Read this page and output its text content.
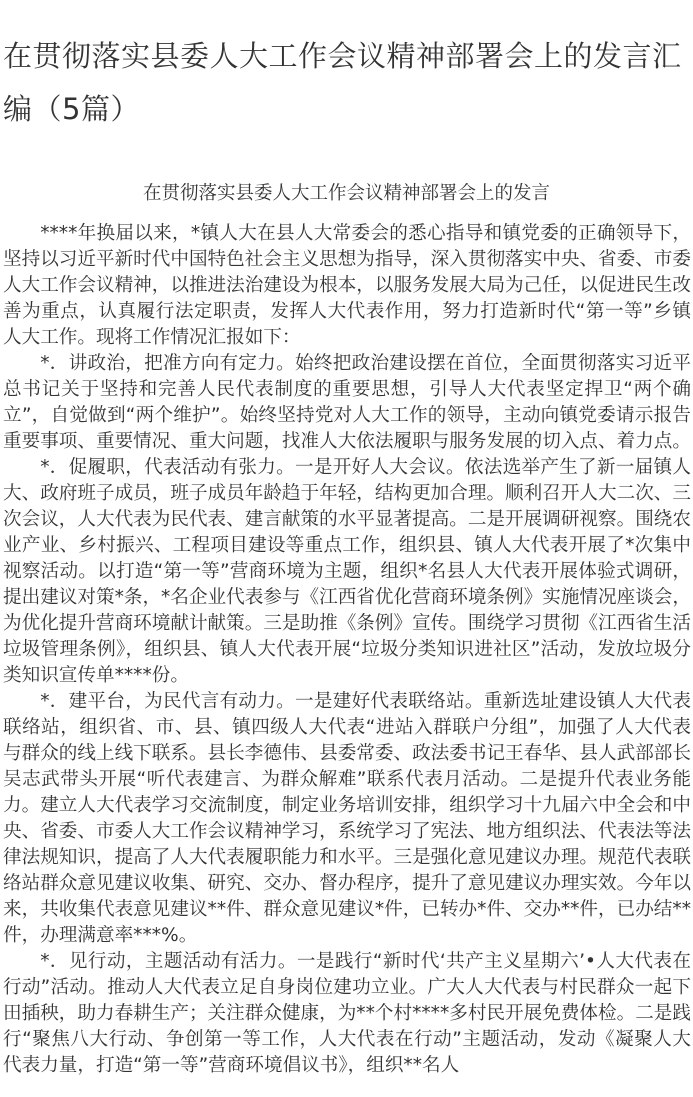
在贯彻落实县委人大工作会议精神部署会上的发言汇编（5篇）
在贯彻落实县委人大工作会议精神部署会上的发言

****年换届以来，*镇人大在县人大常委会的悉心指导和镇党委的正确领导下，坚持以习近平新时代中国特色社会主义思想为指导，深入贯彻落实中央、省委、市委人大工作会议精神，以推进法治建设为根本，以服务发展大局为己任，以促进民生改善为重点，认真履行法定职责，发挥人大代表作用，努力打造新时代“第一等”乡镇人大工作。现将工作情况汇报如下：

*．讲政治，把准方向有定力。始终把政治建设摆在首位，全面贯彻落实习近平总书记关于坚持和完善人民代表制度的重要思想，引导人大代表坚定捍卫“两个确立”，自觉做到“两个维护”。始终坚持党对人大工作的领导，主动向镇党委请示报告重要事项、重要情况、重大问题，找准人大依法履职与服务发展的切入点、着力点。

*．促履职，代表活动有张力。一是开好人大会议。依法选举产生了新一届镇人大、政府班子成员，班子成员年龄趋于年轻，结构更加合理。顺利召开人大二次、三次会议，人大代表为民代表、建言献策的水平显著提高。二是开展调研视察。围绕农业产业、乡村振兴、工程项目建设等重点工作，组织县、镇人大代表开展了*次集中视察活动。以打造“第一等”营商环境为主题，组织*名县人大代表开展体验式调研，提出建议对策*条，*名企业代表参与《江西省优化营商环境条例》实施情况座谈会，为优化提升营商环境献计献策。三是助推《条例》宣传。围绕学习贯彻《江西省生活垃圾管理条例》，组织县、镇人大代表开展“垃圾分类知识进社区”活动，发放垃圾分类知识宣传单****份。

*．建平台，为民代言有动力。一是建好代表联络站。重新选址建设镇人大代表联络站，组织省、市、县、镇四级人大代表“进站入群联户分组”，加强了人大代表与群众的线上线下联系。县长李德伟、县委常委、政法委书记王春华、县人武部部长吴志武带头开展“听代表建言、为群众解难”联系代表月活动。二是提升代表业务能力。建立人大代表学习交流制度，制定业务培训安排，组织学习十九届六中全会和中央、省委、市委人大工作会议精神学习，系统学习了宪法、地方组织法、代表法等法律法规知识，提高了人大代表履职能力和水平。三是强化意见建议办理。规范代表联络站群众意见建议收集、研究、交办、督办程序，提升了意见建议办理实效。今年以来，共收集代表意见建议**件、群众意见建议*件，已转办*件、交办**件，已办结**件，办理满意率***%。

*．见行动，主题活动有活力。一是践行“新时代‘共产主义星期六’•人大代表在行动”活动。推动人大代表立足自身岗位建功立业。广大人大代表与村民群众一起下田插秧，助力春耕生产；关注群众健康，为**个村****多村民开展免费体检。二是践行“聚焦八大行动、争创第一等工作，人大代表在行动”主题活动，发动《凝聚人大代表力量，打造“第一等”营商环境倡议书》，组织**名人
